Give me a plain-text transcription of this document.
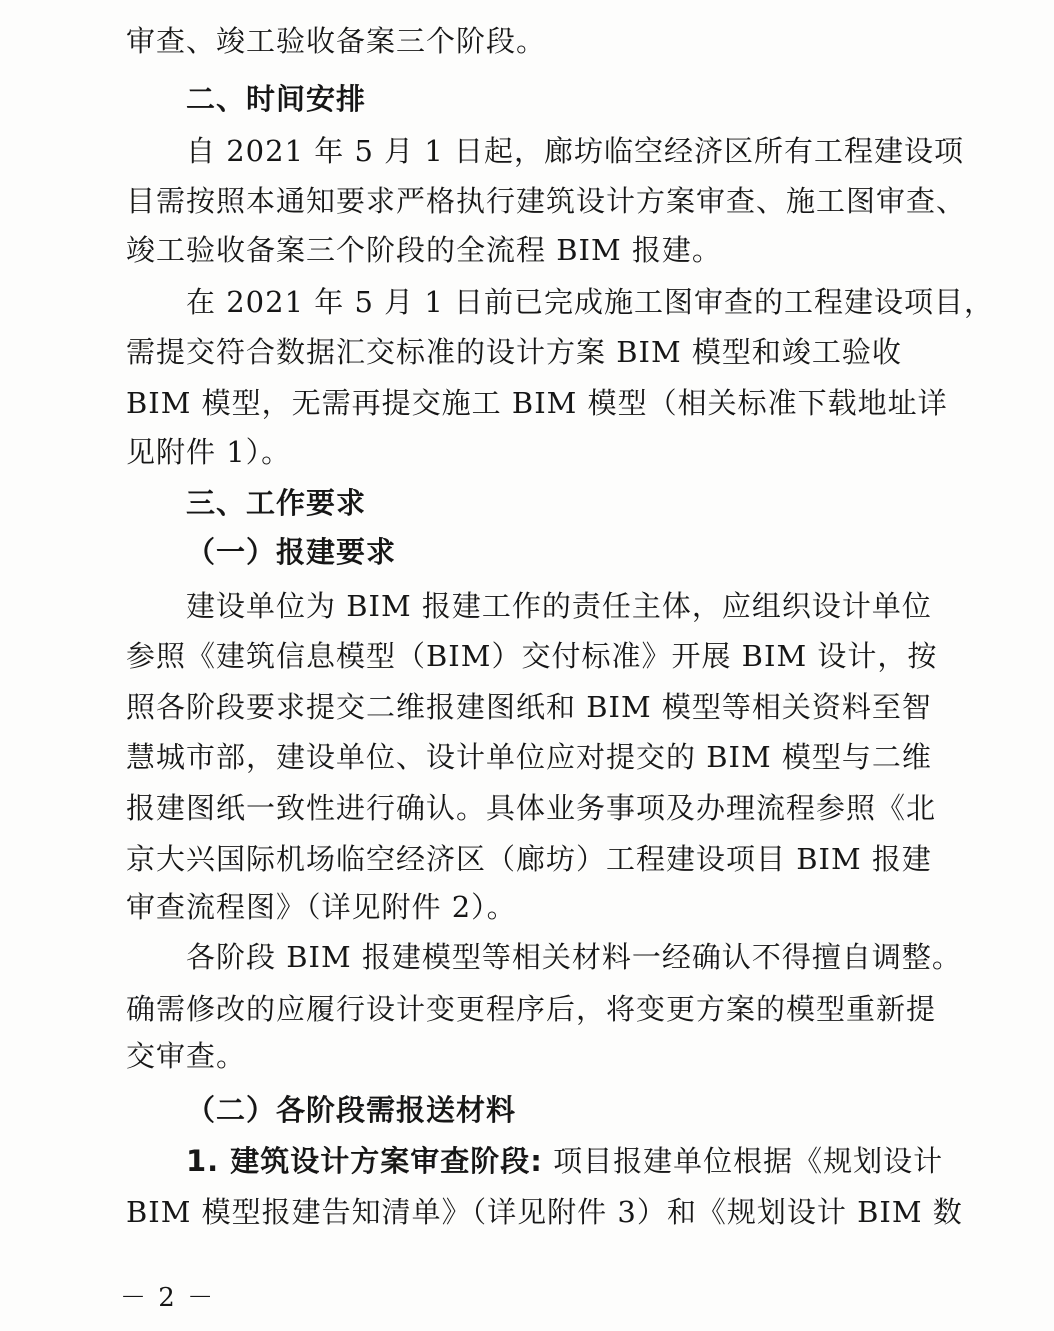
审查、竣工验收备案三个阶段。
二、时间安排
自 2021 年 5 月 1 日起，廊坊临空经济区所有工程建设项
目需按照本通知要求严格执行建筑设计方案审查、施工图审查、
竣工验收备案三个阶段的全流程 BIM 报建。
在 2021 年 5 月 1 日前已完成施工图审查的工程建设项目，
需提交符合数据汇交标准的设计方案 BIM 模型和竣工验收
BIM 模型，无需再提交施工 BIM 模型（相关标准下载地址详
见附件 1）。
三、工作要求
（一）报建要求
建设单位为 BIM 报建工作的责任主体，应组织设计单位
参照《建筑信息模型（BIM）交付标准》开展 BIM 设计，按
照各阶段要求提交二维报建图纸和 BIM 模型等相关资料至智
慧城市部，建设单位、设计单位应对提交的 BIM 模型与二维
报建图纸一致性进行确认。具体业务事项及办理流程参照《北
京大兴国际机场临空经济区（廊坊）工程建设项目 BIM 报建
审查流程图》（详见附件 2）。
各阶段 BIM 报建模型等相关材料一经确认不得擅自调整。
确需修改的应履行设计变更程序后，将变更方案的模型重新提
交审查。
（二）各阶段需报送材料
1. 建筑设计方案审查阶段: 项目报建单位根据《规划设计
BIM 模型报建告知清单》（详见附件 3）和《规划设计 BIM 数
－ 2 －
